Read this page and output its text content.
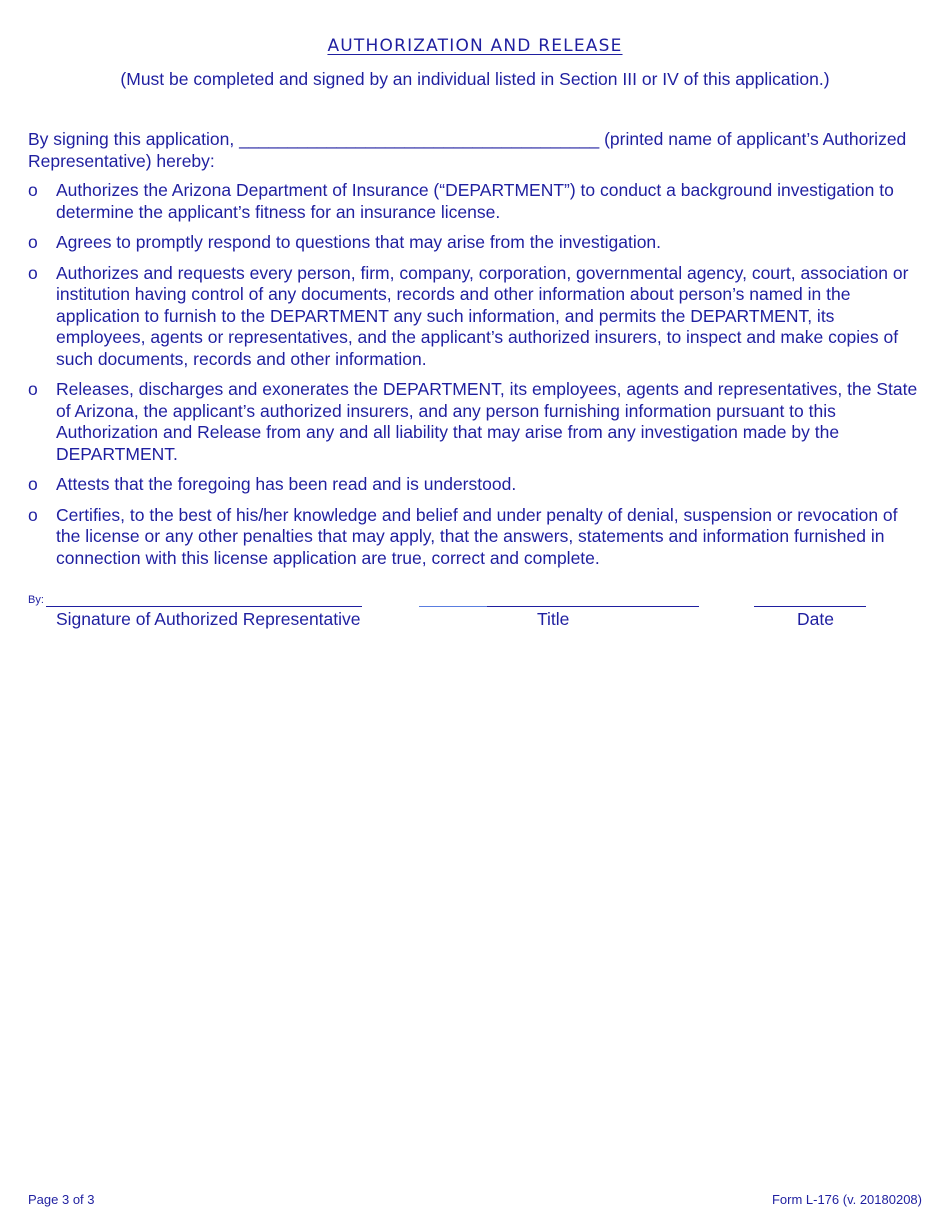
AUTHORIZATION AND RELEASE
(Must be completed and signed by an individual listed in Section III or IV of this application.)
By signing this application, _____________________________________ (printed name of applicant’s Authorized Representative) hereby:
o Authorizes the Arizona Department of Insurance (“DEPARTMENT”) to conduct a background investigation to determine the applicant’s fitness for an insurance license.
o Agrees to promptly respond to questions that may arise from the investigation.
o Authorizes and requests every person, firm, company, corporation, governmental agency, court, association or institution having control of any documents, records and other information about person’s named in the application to furnish to the DEPARTMENT any such information, and permits the DEPARTMENT, its employees, agents or representatives, and the applicant’s authorized insurers, to inspect and make copies of such documents, records and other information.
o Releases, discharges and exonerates the DEPARTMENT, its employees, agents and representatives, the State of Arizona, the applicant’s authorized insurers, and any person furnishing information pursuant to this Authorization and Release from any and all liability that may arise from any investigation made by the DEPARTMENT.
o Attests that the foregoing has been read and is understood.
o Certifies, to the best of his/her knowledge and belief and under penalty of denial, suspension or revocation of the license or any other penalties that may apply, that the answers, statements and information furnished in connection with this license application are true, correct and complete.
By:
Signature of Authorized Representative	Title	Date
Page 3 of 3	Form L-176 (v. 20180208)
